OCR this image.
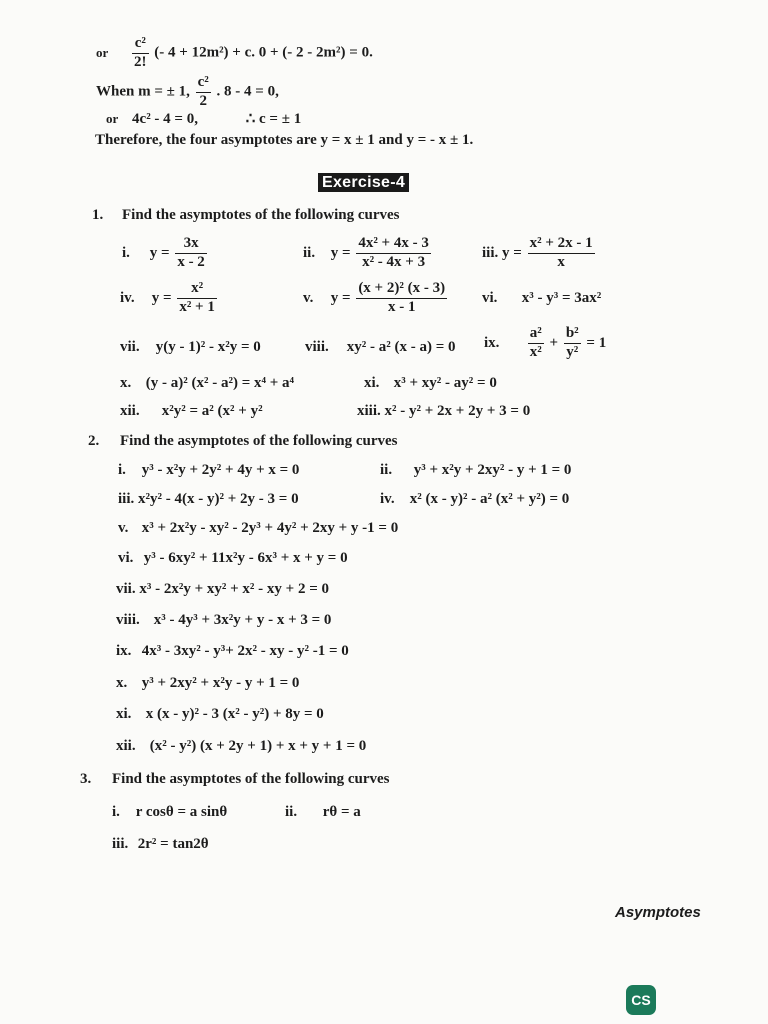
or $\frac{\text{c²}}{2!}$ (- 4 + 12m²) + c. 0 + (- 2 - 2m²) = 0.
When m = ± 1, $\frac{\text{c²}}{2}$ . 8 - 4 = 0,
or 4c² - 4 = 0,	∴ c = ± 1
Therefore, the four asymptotes are y = x ± 1 and y = - x ± 1.
Exercise-4
1. Find the asymptotes of the following curves
i. $y = \frac{3x}{x - 2}$	ii. $y = \frac{\text{4x² + 4x - 3}}{\text{x² - 4x + 3}}$	iii. $y = \frac{\text{x² + 2x - 1}}{x}$
iv. $y = \frac{\text{x²}}{\text{x² + 1}}$	v. $y = \frac{\text{(x + 2)² (x - 3)}}{x - 1}$ vi. x³ - y³ = 3ax²
vii. y(y - 1)² - x²y = 0	viii. xy² - a² (x - a) = 0 ix. $\frac{\text{a²}}{\text{x²}} + \frac{\text{b²}}{\text{y²}} = 1$
x. (y - a)² (x² - a²) = x⁴ + a⁴	xi. x³ + xy² - ay² = 0
xii. x²y² = a² (x² + y²	xiii. x² - y² + 2x + 2y + 3 = 0
2. Find the asymptotes of the following curves
i. y³ - x²y + 2y² + 4y + x = 0	ii. y³ + x²y + 2xy² - y + 1 = 0
iii. x²y² - 4(x - y)² + 2y - 3 = 0	iv. x² (x - y)² - a² (x² + y²) = 0
v. x³ + 2x²y - xy² - 2y³ + 4y² + 2xy + y -1 = 0
vi. y³ - 6xy² + 11x²y - 6x³ + x + y = 0
vii. x³ - 2x²y + xy² + x² - xy + 2 = 0
viii. x³ - 4y³ + 3x²y + y - x + 3 = 0
ix. 4x³ - 3xy² - y³+ 2x² - xy - y² -1 = 0
x. y³ + 2xy² + x²y - y + 1 = 0
xi. x (x - y)² - 3 (x² - y²) + 8y = 0
xii. (x² - y²) (x + 2y + 1) + x + y + 1 = 0
3. Find the asymptotes of the following curves
i. r cosθ = a sinθ	ii. rθ = a
iii. 2r² = tan2θ
Asymptotes
CS
